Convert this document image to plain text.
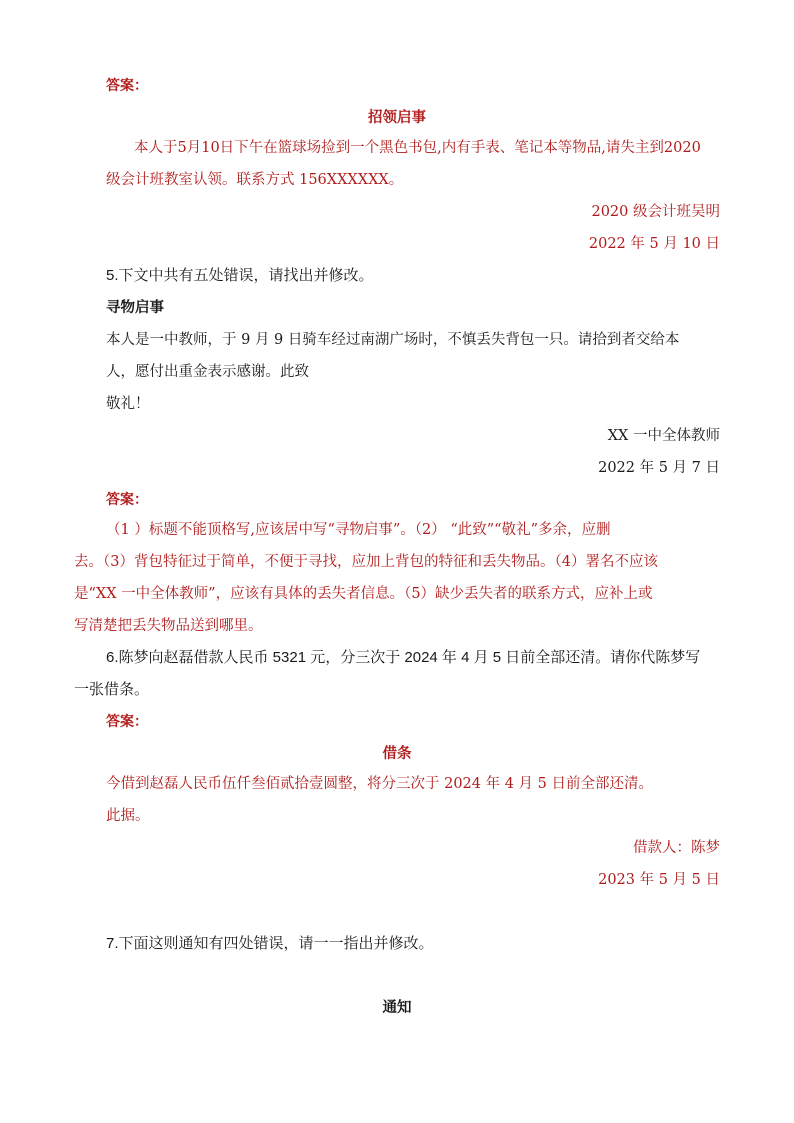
答案：
招领启事
本人于5月10日下午在篮球场捡到一个黑色书包,内有手表、笔记本等物品,请失主到2020
级会计班教室认领。联系方式 156XXXXXX。
2020 级会计班吴明
2022 年 5 月 10 日
5.下文中共有五处错误，请找出并修改。
寻物启事
本人是一中教师，于 9 月 9 日骑车经过南湖广场时，不慎丢失背包一只。请拾到者交给本
人，愿付出重金表示感谢。此致
敬礼！
XX 一中全体教师
2022 年 5 月 7 日
答案：
（1 ）标题不能顶格写,应该居中写“寻物启事”。（2） “此致”“敬礼”多余，应删
去。（3）背包特征过于简单，不便于寻找，应加上背包的特征和丢失物品。（4）署名不应该
是“XX 一中全体教师”，应该有具体的丢失者信息。（5）缺少丢失者的联系方式，应补上或
写清楚把丢失物品送到哪里。
6.陈梦向赵磊借款人民币 5321 元，分三次于 2024 年 4 月 5 日前全部还清。请你代陈梦写
一张借条。
答案：
借条
今借到赵磊人民币伍仟叁佰贰拾壹圆整，将分三次于 2024 年 4 月 5 日前全部还清。
此据。
借款人：陈梦
2023 年 5 月 5 日
7.下面这则通知有四处错误，请一一指出并修改。
通知
